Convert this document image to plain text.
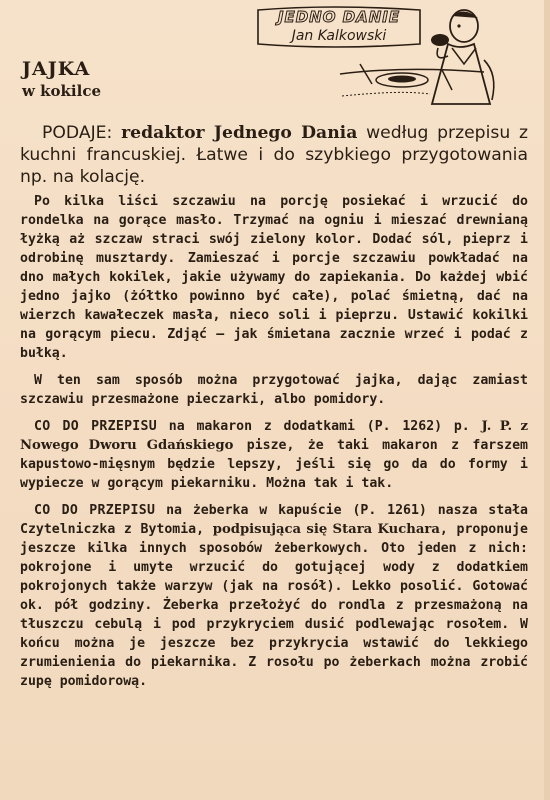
JAJKA
w kokilce
JEDNO DANIE
Jan Kalkowski

PODAJE: redaktor Jednego Dania według przepisu z kuchni francuskiej. Łatwe i do szybkiego przygotowania np. na kolację.

Po kilka liści szczawiu na porcję posiekać i wrzucić do rondelka na gorące masło. Trzymać na ogniu i mieszać drewnianą łyżką aż szczaw straci swój zielony kolor. Dodać sól, pieprz i odrobinę musztardy. Zamieszać i porcje szczawiu powkładać na dno małych kokilek, jakie używamy do zapiekania. Do każdej wbić jedno jajko (żółtko powinno być całe), polać śmietną, dać na wierzch kawałeczek masła, nieco soli i pieprzu. Ustawić kokilki na gorącym piecu. Zdjąć — jak śmietana zacznie wrzeć i podać z bułką.

W ten sam sposób można przygotować jajka, dając zamiast szczawiu przesmażone pieczarki, albo pomidory.

CO DO PRZEPISU na makaron z dodatkami (P. 1262) p. J. P. z Nowego Dworu Gdańskiego pisze, że taki makaron z farszem kapustowo-mięsnym będzie lepszy, jeśli się go da do formy i wypiecze w gorącym piekarniku. Można tak i tak.

CO DO PRZEPISU na żeberka w kapuście (P. 1261) nasza stała Czytelniczka z Bytomia, podpisująca się Stara Kucharа, proponuje jeszcze kilka innych sposobów żeberkowych. Oto jeden z nich: pokrojone i umyte wrzucić do gotującej wody z dodatkiem pokrojonych także warzyw (jak na rosół). Lekko posolić. Gotować ok. pół godziny. Żeberka przełożyć do rondla z przesmażoną na tłuszczu cebulą i pod przykryciem dusić podlewając rosołem. W końcu można je jeszcze bez przykrycia wstawić do lekkiego zrumienienia do piekarnika. Z rosołu po żeberkach można zrobić zupę pomidorową.
